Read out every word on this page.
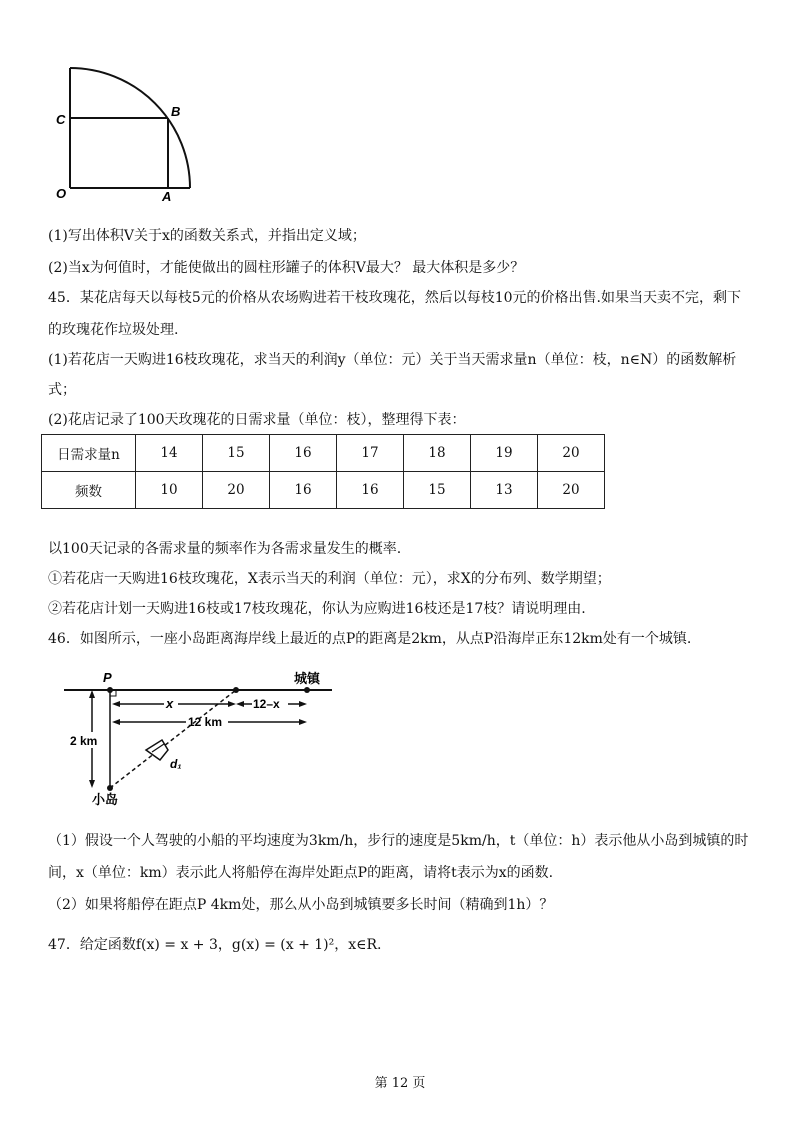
C
B
O	A
(1)写出体积V关于x的函数关系式，并指出定义域；
(2)当x为何值时，才能使做出的圆柱形罐子的体积V最大？ 最大体积是多少？
45．某花店每天以每枝5元的价格从农场购进若干枝玫瑰花，然后以每枝10元的价格出售.如果当天卖不完，剩下
的玫瑰花作垃圾处理.
(1)若花店一天购进16枝玫瑰花，求当天的利润y（单位：元）关于当天需求量n（单位：枝，n∈N）的函数解析
式；
(2)花店记录了100天玫瑰花的日需求量（单位：枝），整理得下表：
日需求量n	14	15	16	17	18	19	20
频数	10	20	16	16	15	13	20
以100天记录的各需求量的频率作为各需求量发生的概率.
①若花店一天购进16枝玫瑰花，X表示当天的利润（单位：元），求X的分布列、数学期望；
②若花店计划一天购进16枝或17枝玫瑰花，你认为应购进16枝还是17枝？请说明理由.
46．如图所示，一座小岛距离海岸线上最近的点P的距离是2km，从点P沿海岸正东12km处有一个城镇.
P	城镇
x	12–x
12 km
2 km
d₁
小岛
（1）假设一个人驾驶的小船的平均速度为3km/h，步行的速度是5km/h，t（单位：h）表示他从小岛到城镇的时
间，x（单位：km）表示此人将船停在海岸处距点P的距离，请将t表示为x的函数.
（2）如果将船停在距点P 4km处，那么从小岛到城镇要多长时间（精确到1h）？
47．给定函数f(x) = x + 3，g(x) = (x + 1)²，x∈R.
第 12 页
